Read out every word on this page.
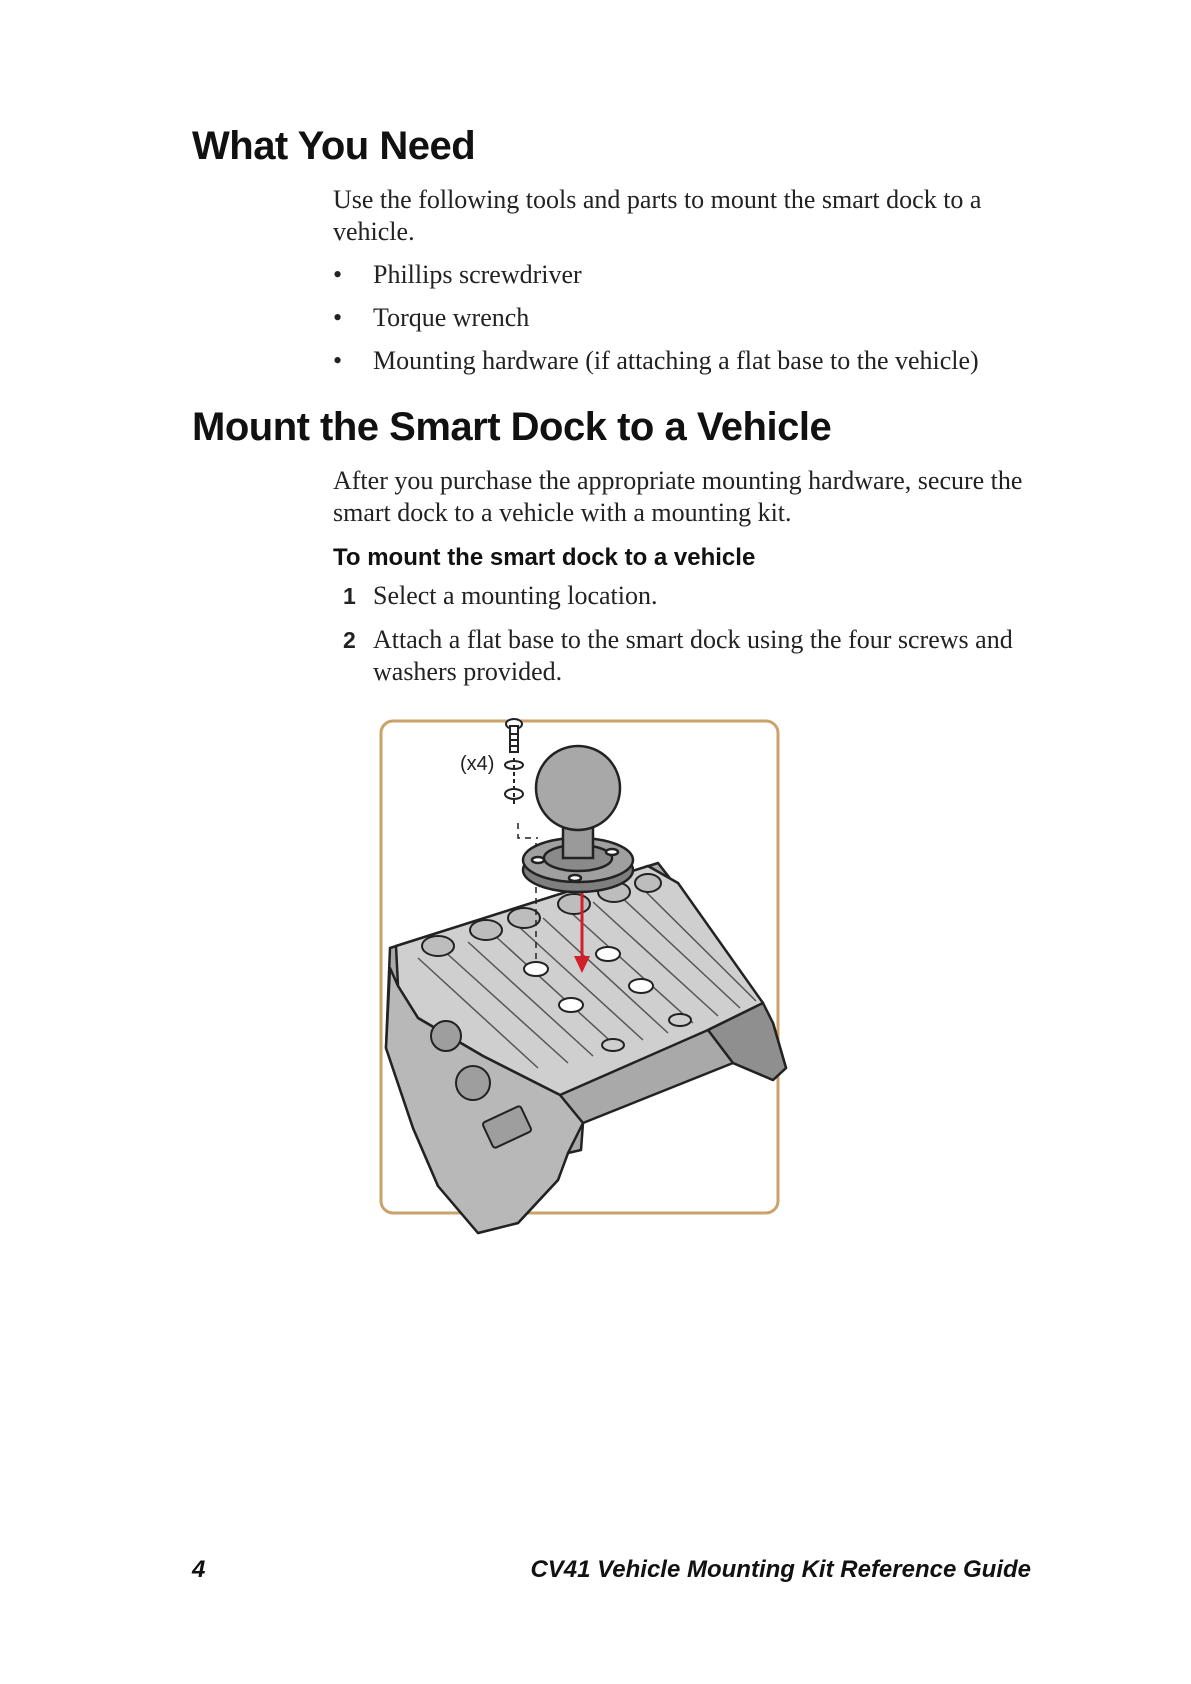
What You Need

Use the following tools and parts to mount the smart dock to a vehicle.

• Phillips screwdriver
• Torque wrench
• Mounting hardware (if attaching a flat base to the vehicle)
Mount the Smart Dock to a Vehicle

After you purchase the appropriate mounting hardware, secure the smart dock to a vehicle with a mounting kit.

To mount the smart dock to a vehicle
1 Select a mounting location.
2 Attach a flat base to the smart dock using the four screws and washers provided.
(x4)
4	CV41 Vehicle Mounting Kit Reference Guide
